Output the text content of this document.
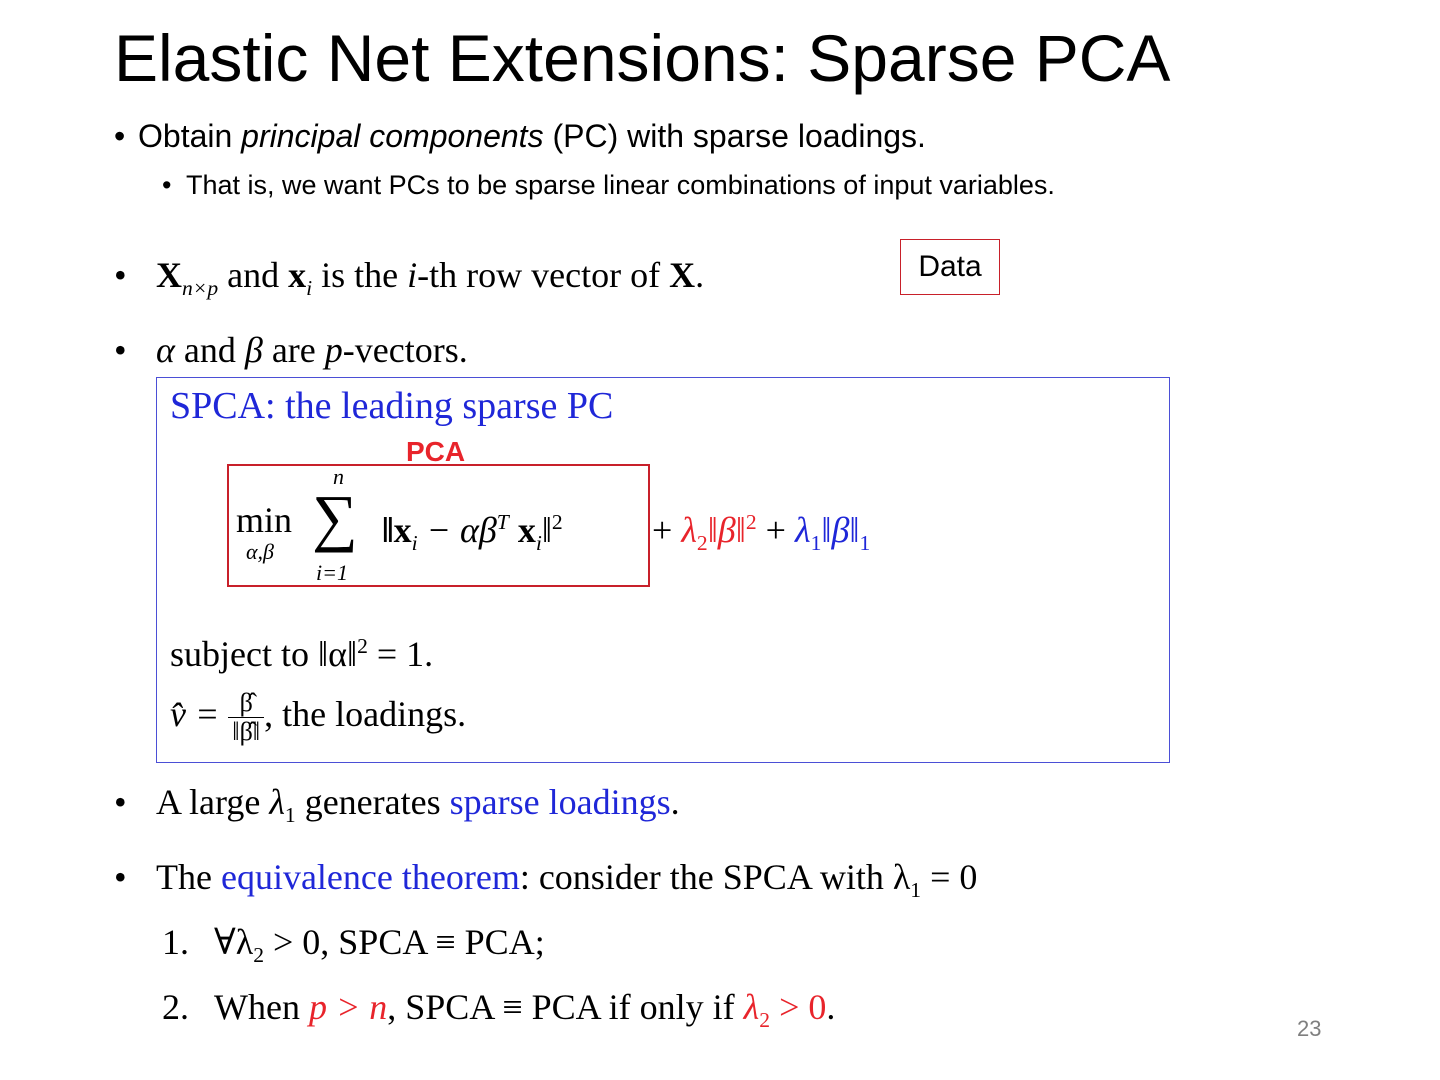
Elastic Net Extensions: Sparse PCA
• Obtain principal components (PC) with sparse loadings.
• That is, we want PCs to be sparse linear combinations of input variables.
• $X_{n\times p}$ and $x_i$ is the i-th row vector of X.	Data
• α and β are p-vectors.
SPCA: the leading sparse PC
PCA
min
α,β
n
∑
i=1
$‖x_i - \alpha\beta^T$ $x_i‖^2$ + $\lambda_2‖\beta‖^2$ + $\lambda_1‖\beta‖_1$
subject to ‖α‖$^2$ = 1.
v̂ = $\frac{\betâ}{‖\betâ‖}$ , the loadings.
• A large $\lambda_1$ generates sparse loadings.
• The equivalence theorem: consider the SPCA with $\lambda_1 = 0$
1. $\forall\lambda_2 > 0$, SPCA ≡ PCA;
2. When p > n, SPCA ≡ PCA if only if $\lambda_2 > 0$.
23
